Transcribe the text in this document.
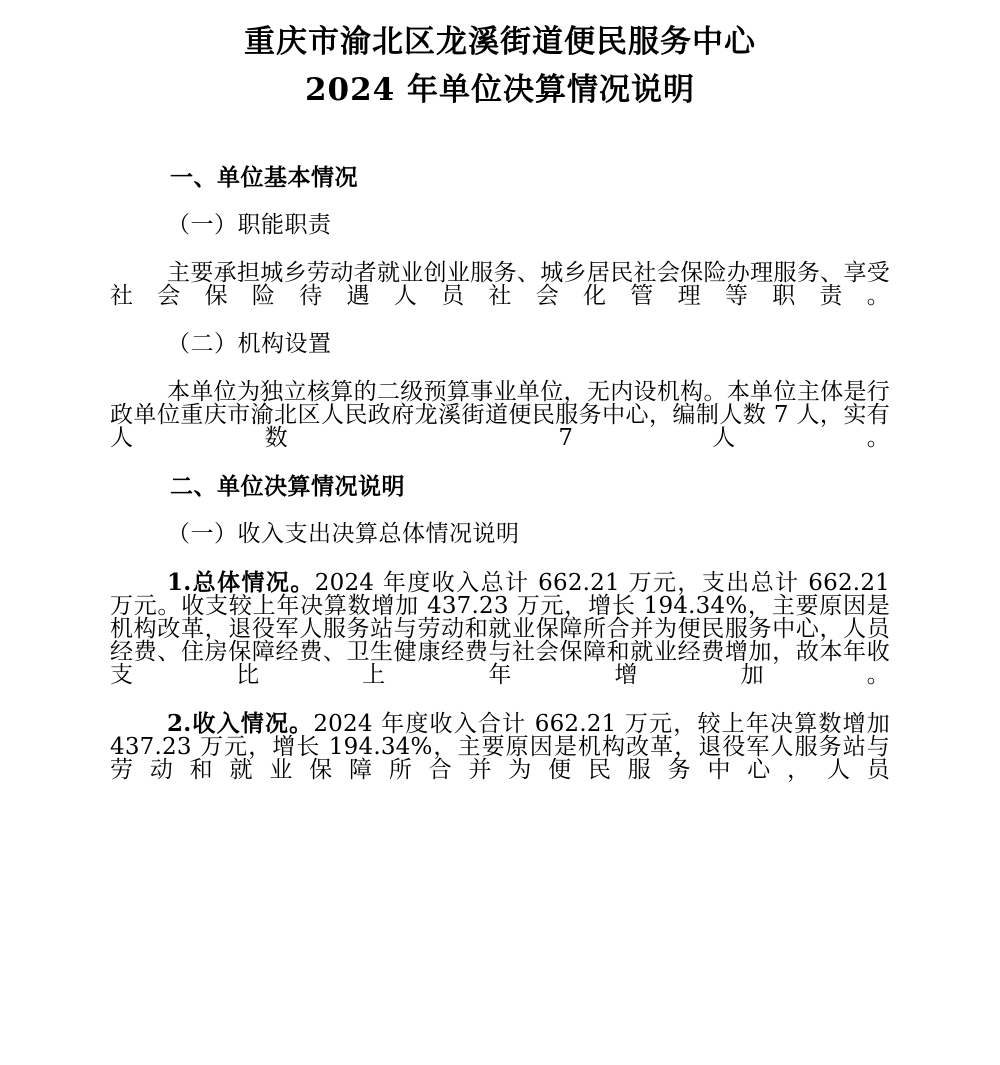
重庆市渝北区龙溪街道便民服务中心
2024 年单位决算情况说明
一、单位基本情况
（一）职能职责

主要承担城乡劳动者就业创业服务、城乡居民社会保险办理服务、享受社会保险待遇人员社会化管理等职责。

（二）机构设置

本单位为独立核算的二级预算事业单位，无内设机构。本单位主体是行政单位重庆市渝北区人民政府龙溪街道便民服务中心，编制人数 7 人，实有人数 7 人。

二、单位决算情况说明
（一）收入支出决算总体情况说明

1.总体情况。2024 年度收入总计 662.21 万元，支出总计 662.21 万元。收支较上年决算数增加 437.23 万元，增长 194.34%，主要原因是机构改革，退役军人服务站与劳动和就业保障所合并为便民服务中心，人员经费、住房保障经费、卫生健康经费与社会保障和就业经费增加，故本年收支比上年增加。

2.收入情况。2024 年度收入合计 662.21 万元，较上年决算数增加 437.23 万元，增长 194.34%，主要原因是机构改革，退役军人服务站与劳动和就业保障所合并为便民服务中心，人员
